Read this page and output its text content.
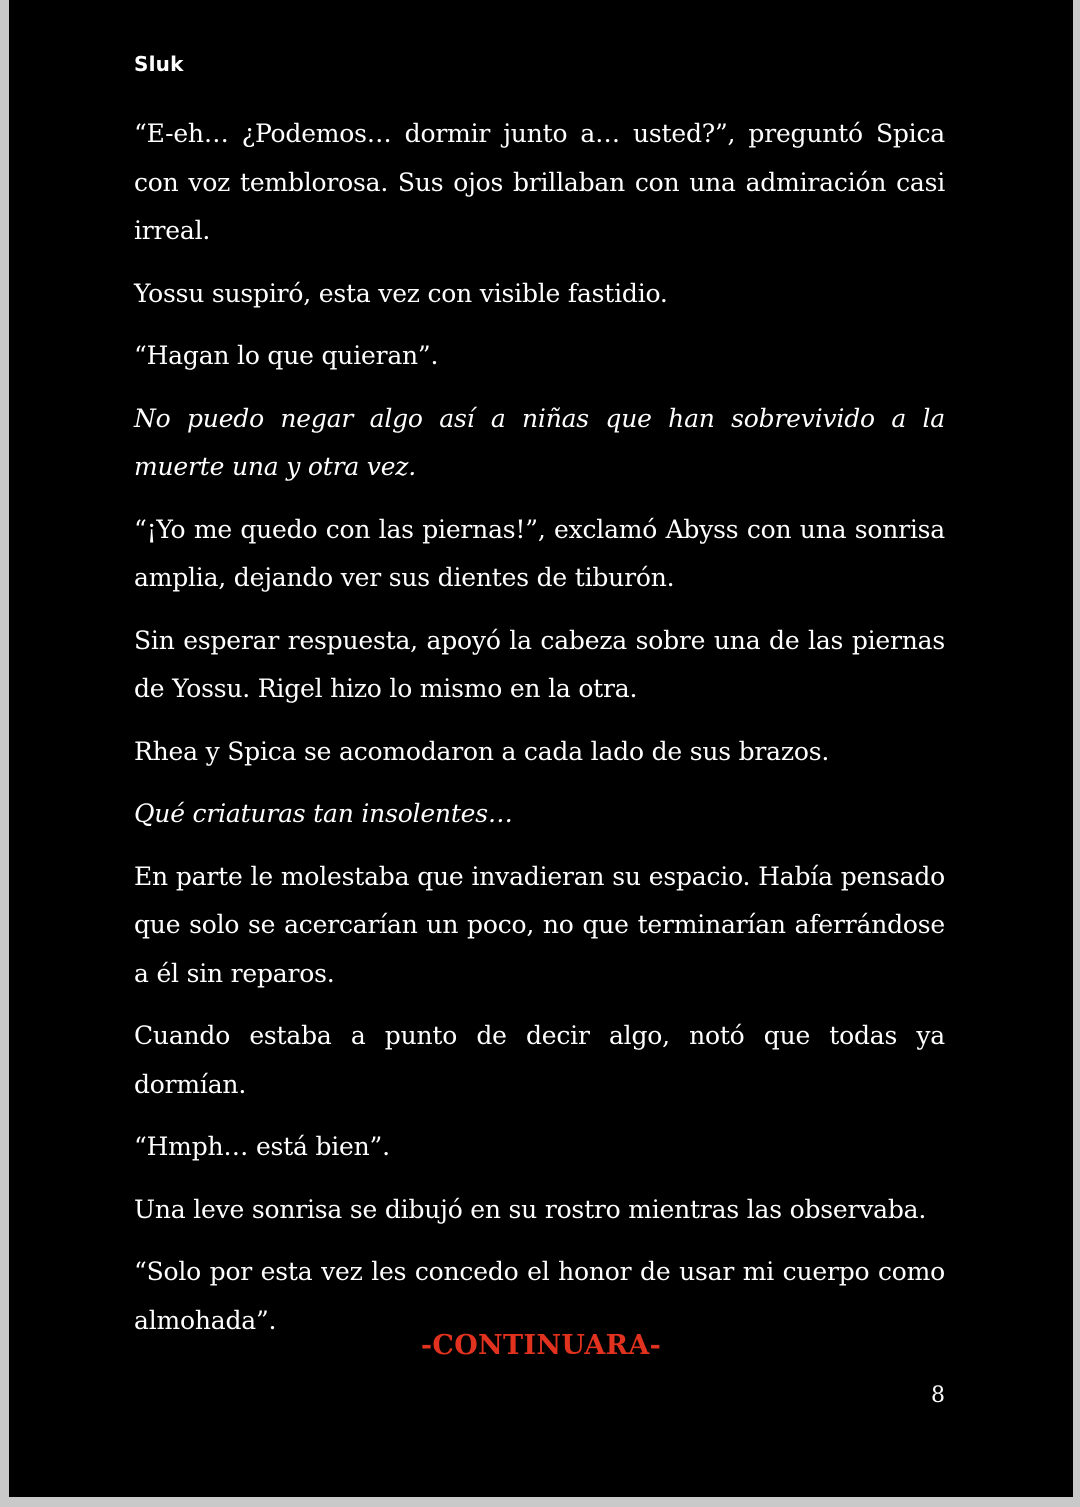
Sluk

“E-eh… ¿Podemos… dormir junto a… usted?”, preguntó Spica con voz temblorosa. Sus ojos brillaban con una admiración casi irreal.

Yossu suspiró, esta vez con visible fastidio.

“Hagan lo que quieran”.

No puedo negar algo así a niñas que han sobrevivido a la muerte una y otra vez.

“¡Yo me quedo con las piernas!”, exclamó Abyss con una sonrisa amplia, dejando ver sus dientes de tiburón.

Sin esperar respuesta, apoyó la cabeza sobre una de las piernas de Yossu. Rigel hizo lo mismo en la otra.

Rhea y Spica se acomodaron a cada lado de sus brazos.

Qué criaturas tan insolentes…

En parte le molestaba que invadieran su espacio. Había pensado que solo se acercarían un poco, no que terminarían aferrándose a él sin reparos.

Cuando estaba a punto de decir algo, notó que todas ya dormían.

“Hmph… está bien”.

Una leve sonrisa se dibujó en su rostro mientras las observaba.

“Solo por esta vez les concedo el honor de usar mi cuerpo como almohada”.

-CONTINUARA-
8
